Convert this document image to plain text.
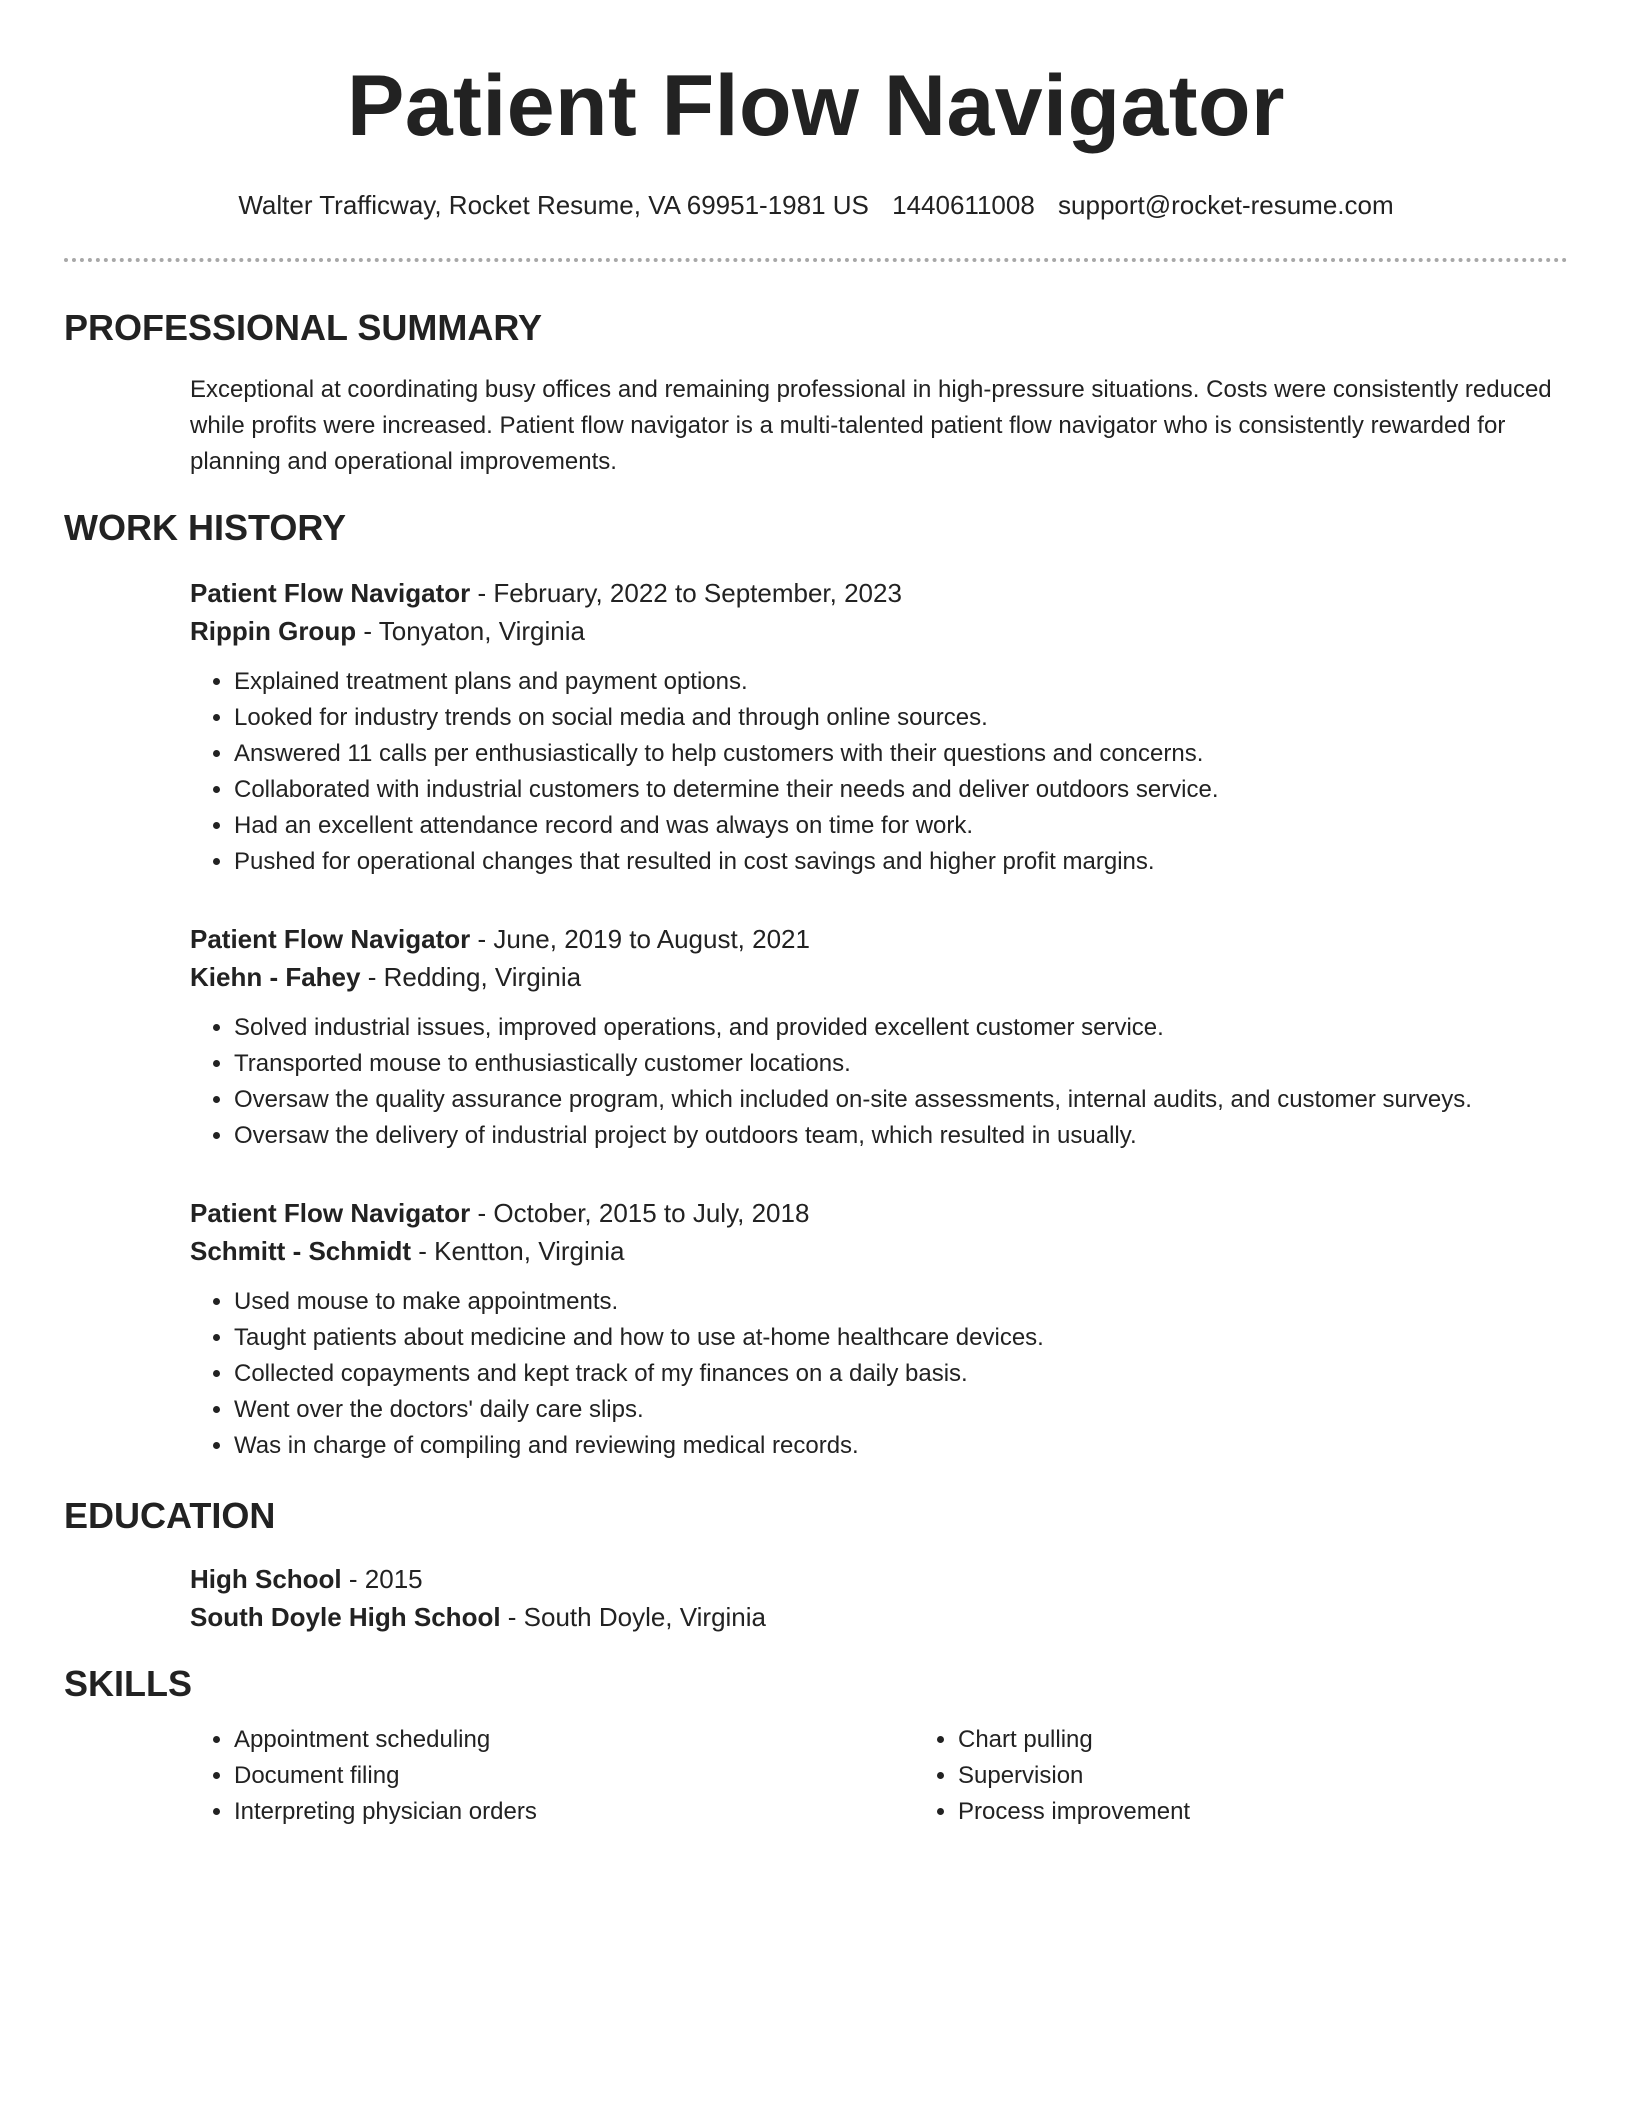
Patient Flow Navigator
Walter Trafficway, Rocket Resume, VA 69951-1981 US 1440611008 support@rocket-resume.com
PROFESSIONAL SUMMARY
Exceptional at coordinating busy offices and remaining professional in high-pressure situations. Costs were consistently reduced while profits were increased. Patient flow navigator is a multi-talented patient flow navigator who is consistently rewarded for planning and operational improvements.
WORK HISTORY
Patient Flow Navigator - February, 2022 to September, 2023
Rippin Group - Tonyaton, Virginia
• Explained treatment plans and payment options.
• Looked for industry trends on social media and through online sources.
• Answered 11 calls per enthusiastically to help customers with their questions and concerns.
• Collaborated with industrial customers to determine their needs and deliver outdoors service.
• Had an excellent attendance record and was always on time for work.
• Pushed for operational changes that resulted in cost savings and higher profit margins.
Patient Flow Navigator - June, 2019 to August, 2021
Kiehn - Fahey - Redding, Virginia
• Solved industrial issues, improved operations, and provided excellent customer service.
• Transported mouse to enthusiastically customer locations.
• Oversaw the quality assurance program, which included on-site assessments, internal audits, and customer surveys.
• Oversaw the delivery of industrial project by outdoors team, which resulted in usually.
Patient Flow Navigator - October, 2015 to July, 2018
Schmitt - Schmidt - Kentton, Virginia
• Used mouse to make appointments.
• Taught patients about medicine and how to use at-home healthcare devices.
• Collected copayments and kept track of my finances on a daily basis.
• Went over the doctors' daily care slips.
• Was in charge of compiling and reviewing medical records.
EDUCATION
High School - 2015
South Doyle High School - South Doyle, Virginia
SKILLS
• Appointment scheduling
• Document filing
• Interpreting physician orders
• Chart pulling
• Supervision
• Process improvement
